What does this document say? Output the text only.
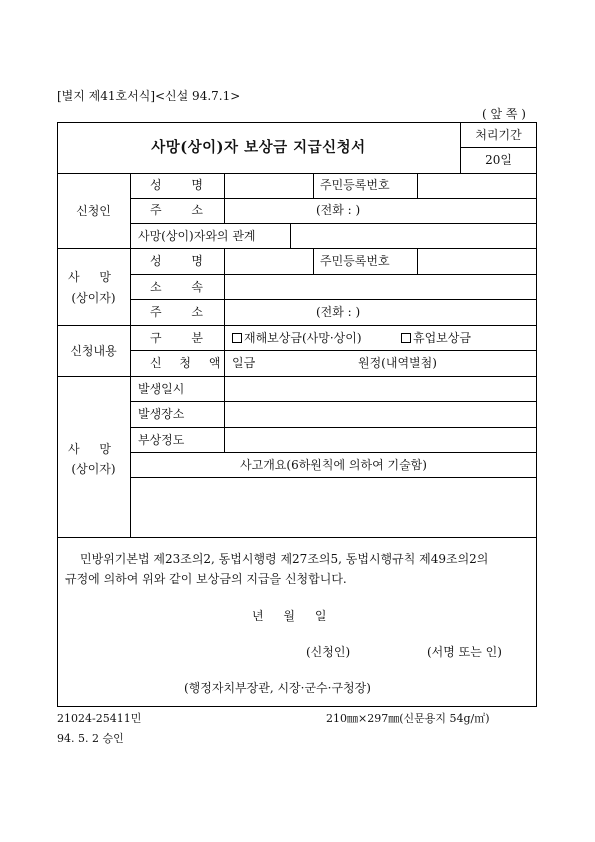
[별지 제41호서식]<신설 94.7.1>
( 앞 쪽 )
사망(상이)자 보상금 지급신청서
처리기간
20일
신청인
성 명	주민등록번호
주 소	(전화 : )
사망(상이)자와의 관계
사 망
(상이자)
성 명	주민등록번호
소 속
주 소	(전화 : )
신청내용
구 분	재해보상금(사망·상이)	휴업보상금
신 청 액 일금	원정(내역별첨)
사 망
(상이자)
발생일시
발생장소
부상정도
사고개요(6하원칙에 의하여 기술함)
민방위기본법 제23조의2, 동법시행령 제27조의5, 동법시행규칙 제49조의2의
규정에 의하여 위와 같이 보상금의 지급을 신청합니다.
년 월 일
(신청인)	(서명 또는 인)
(행정자치부장관, 시장·군수·구청장)
21024-25411민
94. 5. 2 승인
210㎜×297㎜(신문용지 54g/㎡)
